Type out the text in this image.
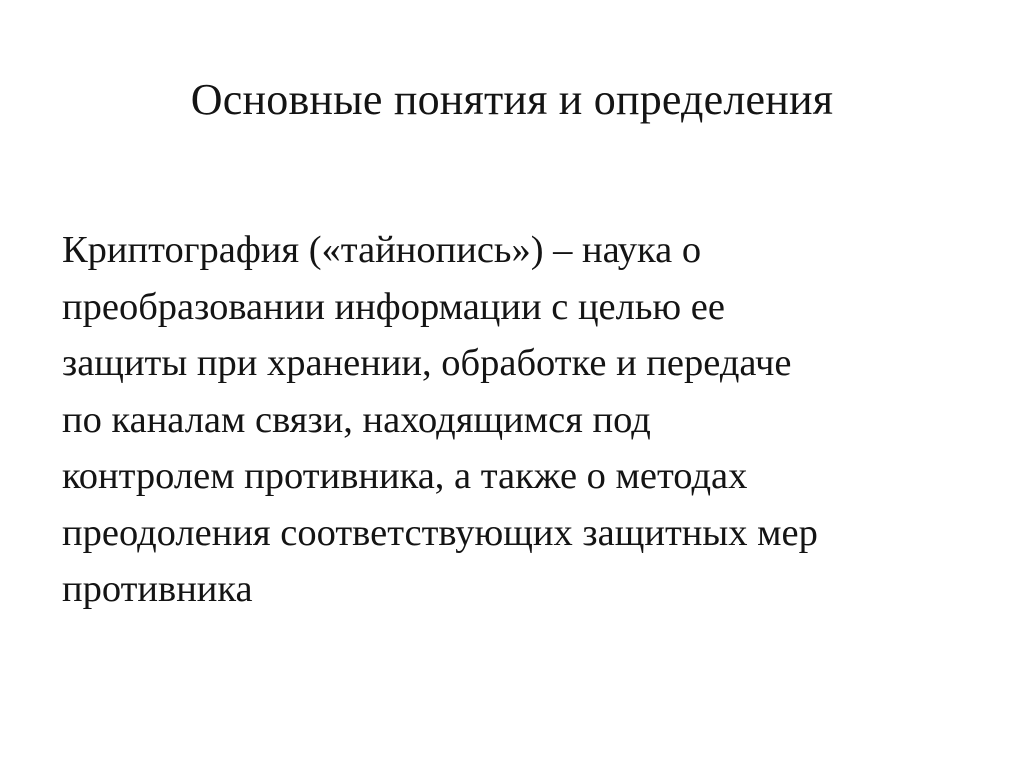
Основные понятия и определения
Криптография («тайнопись») – наука о
преобразовании информации с целью ее
защиты при хранении, обработке и передаче
по каналам связи, находящимся под
контролем противника, а также о методах
преодоления соответствующих защитных мер
противника
